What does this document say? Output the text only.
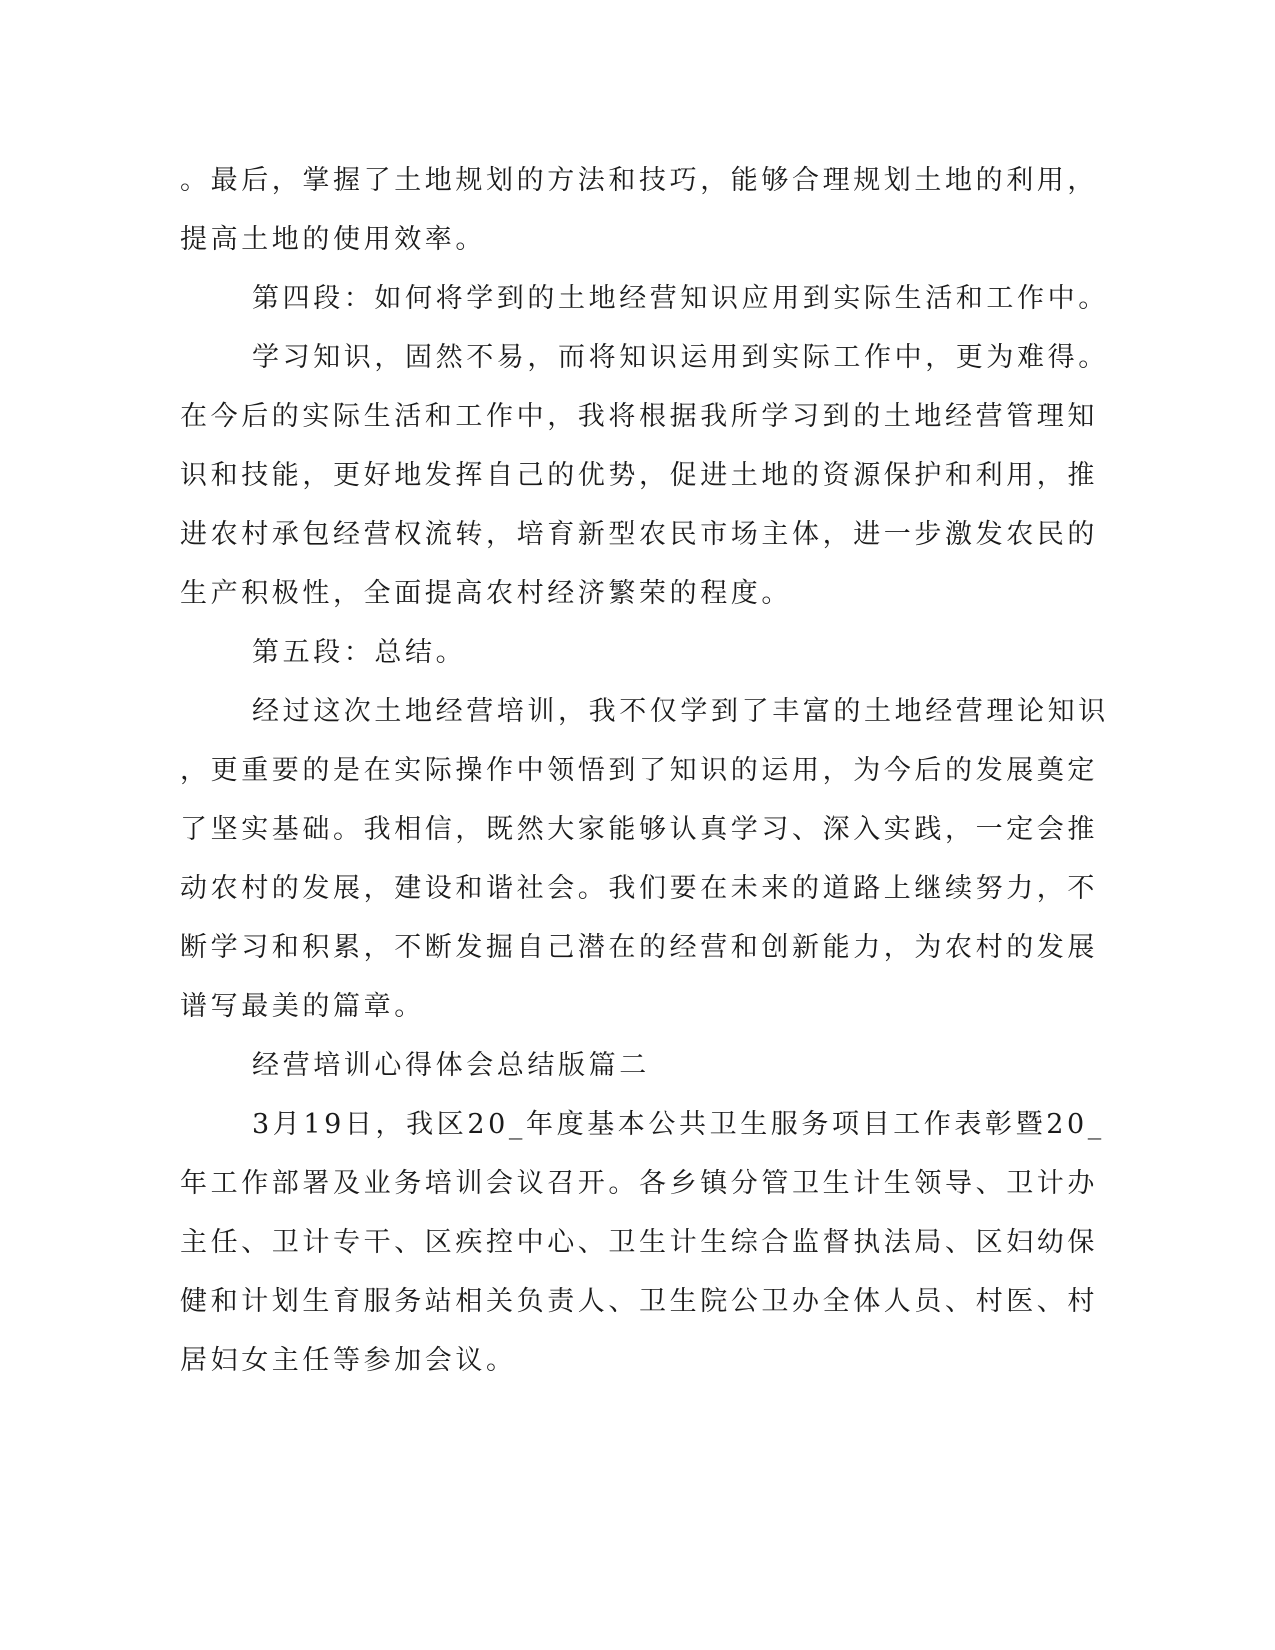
。最后，掌握了土地规划的方法和技巧，能够合理规划土地的利用，
提高土地的使用效率。
第四段：如何将学到的土地经营知识应用到实际生活和工作中。
学习知识，固然不易，而将知识运用到实际工作中，更为难得。
在今后的实际生活和工作中，我将根据我所学习到的土地经营管理知
识和技能，更好地发挥自己的优势，促进土地的资源保护和利用，推
进农村承包经营权流转，培育新型农民市场主体，进一步激发农民的
生产积极性，全面提高农村经济繁荣的程度。
第五段：总结。
经过这次土地经营培训，我不仅学到了丰富的土地经营理论知识
，更重要的是在实际操作中领悟到了知识的运用，为今后的发展奠定
了坚实基础。我相信，既然大家能够认真学习、深入实践，一定会推
动农村的发展，建设和谐社会。我们要在未来的道路上继续努力，不
断学习和积累，不断发掘自己潜在的经营和创新能力，为农村的发展
谱写最美的篇章。
经营培训心得体会总结版篇二
3月19日，我区20_年度基本公共卫生服务项目工作表彰暨20_
年工作部署及业务培训会议召开。各乡镇分管卫生计生领导、卫计办
主任、卫计专干、区疾控中心、卫生计生综合监督执法局、区妇幼保
健和计划生育服务站相关负责人、卫生院公卫办全体人员、村医、村
居妇女主任等参加会议。
